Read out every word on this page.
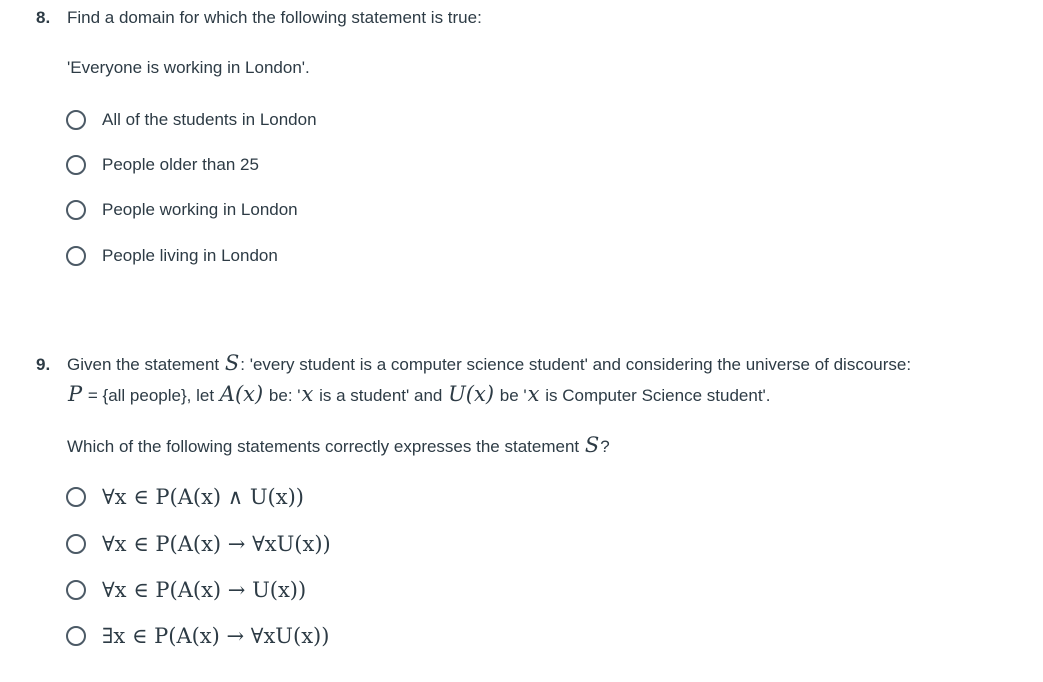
8. Find a domain for which the following statement is true:
'Everyone is working in London'.
All of the students in London
People older than 25
People working in London
People living in London
9. Given the statement S: 'every student is a computer science student' and considering the universe of discourse:
P = {all people}, let A(x) be: 'x is a student' and U(x) be 'x is Computer Science student'.
Which of the following statements correctly expresses the statement S?
∀x ∈ P(A(x) ∧ U(x))
∀x ∈ P(A(x) → ∀xU(x))
∀x ∈ P(A(x) → U(x))
∃x ∈ P(A(x) → ∀xU(x))
